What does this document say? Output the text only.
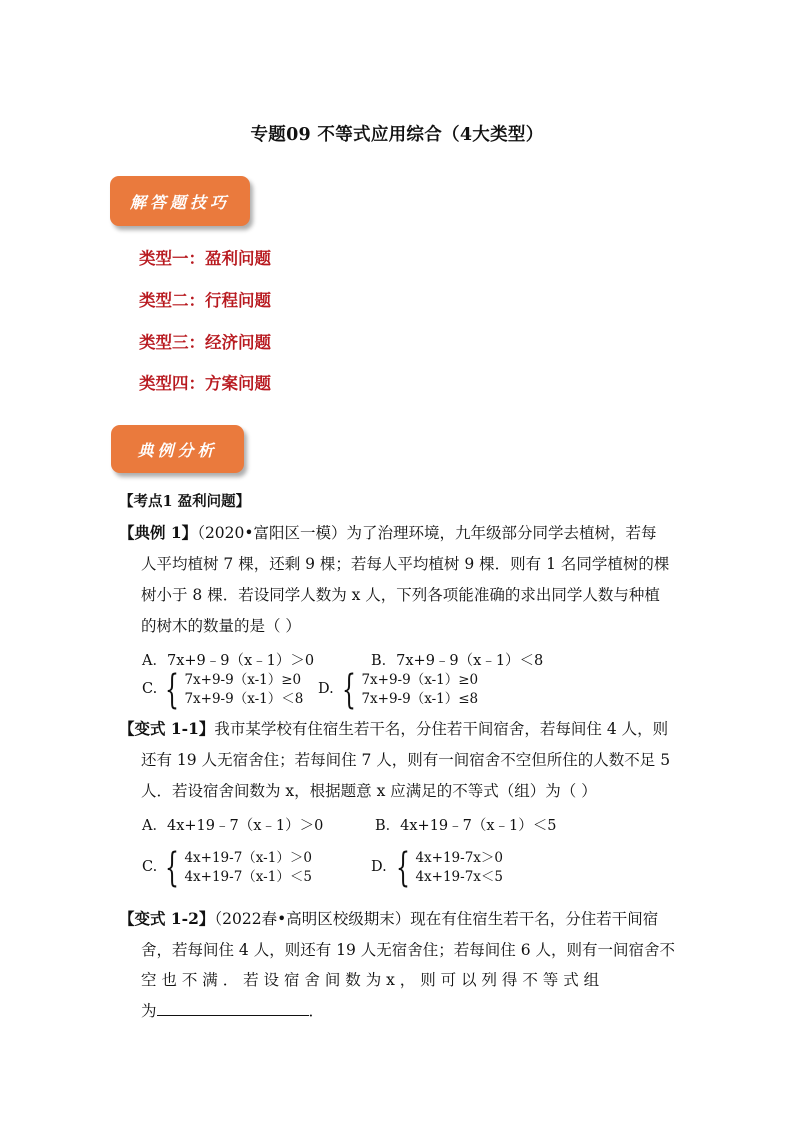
专题09 不等式应用综合（4大类型）
解答题技巧
类型一：盈利问题
类型二：行程问题
类型三：经济问题
类型四：方案问题
典例分析
【考点1 盈利问题】
【典例 1】（2020•富阳区一模）为了治理环境，九年级部分同学去植树，若每
人平均植树 7 棵，还剩 9 棵；若每人平均植树 9 棵．则有 1 名同学植树的棵
树小于 8 棵．若设同学人数为 x 人，下列各项能准确的求出同学人数与种植
的树木的数量的是（ ）
A．7x+9﹣9（x﹣1）＞0	B．7x+9﹣9（x﹣1）＜8
C. { 7x+9-9（x-1）≥0
7x+9-9（x-1）＜8
D. { 7x+9-9（x-1）≥0
7x+9-9（x-1）≤8
【变式 1-1】我市某学校有住宿生若干名，分住若干间宿舍，若每间住 4 人，则
还有 19 人无宿舍住；若每间住 7 人，则有一间宿舍不空但所住的人数不足 5
人．若设宿舍间数为 x，根据题意 x 应满足的不等式（组）为（ ）
A．4x+19﹣7（x﹣1）＞0	B．4x+19﹣7（x﹣1）＜5
C. { 4x+19-7（x-1）＞0
4x+19-7（x-1）＜5
D. { 4x+19-7x＞0
4x+19-7x＜5
【变式 1-2】（2022春•高明区校级期末）现在有住宿生若干名，分住若干间宿
舍，若每间住 4 人，则还有 19 人无宿舍住；若每间住 6 人，则有一间宿舍不
空 也 不 满 ． 若 设 宿 舍 间 数 为 x ， 则 可 以 列 得 不 等 式 组
为	．
